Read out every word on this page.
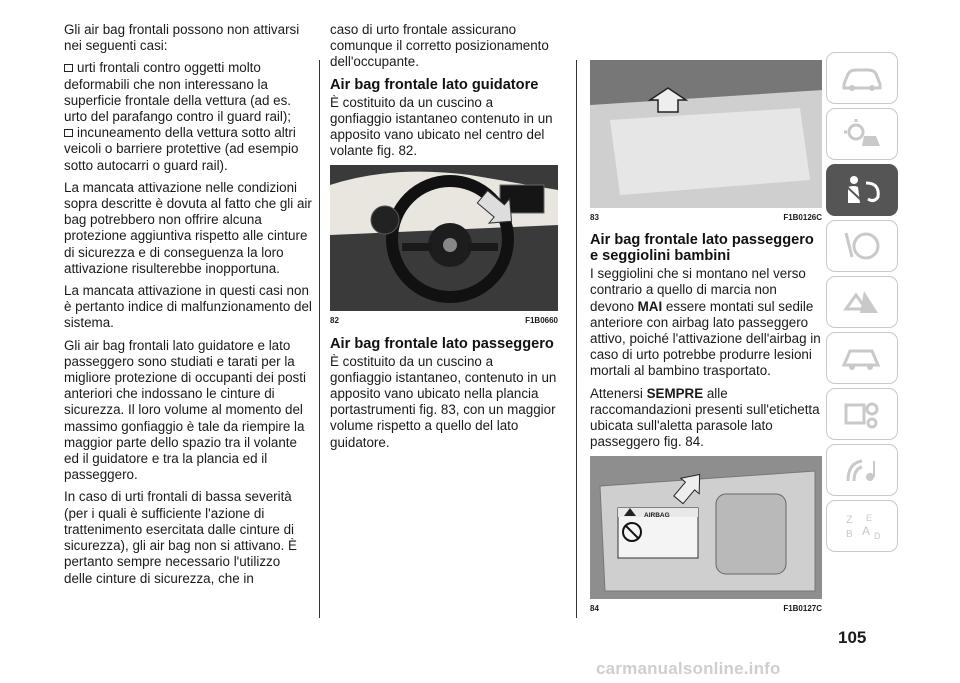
Gli air bag frontali possono non attivarsi nei seguenti casi:

urti frontali contro oggetti molto deformabili che non interessano la superficie frontale della vettura (ad es. urto del parafango contro il guard rail);

incuneamento della vettura sotto altri veicoli o barriere protettive (ad esempio sotto autocarri o guard rail).

La mancata attivazione nelle condizioni sopra descritte è dovuta al fatto che gli air bag potrebbero non offrire alcuna protezione aggiuntiva rispetto alle cinture di sicurezza e di conseguenza la loro attivazione risulterebbe inopportuna.

La mancata attivazione in questi casi non è pertanto indice di malfunzionamento del sistema.

Gli air bag frontali lato guidatore e lato passeggero sono studiati e tarati per la migliore protezione di occupanti dei posti anteriori che indossano le cinture di sicurezza. Il loro volume al momento del massimo gonfiaggio è tale da riempire la maggior parte dello spazio tra il volante ed il guidatore e tra la plancia ed il passeggero.

In caso di urti frontali di bassa severità (per i quali è sufficiente l'azione di trattenimento esercitata dalle cinture di sicurezza), gli air bag non si attivano. È pertanto sempre necessario l'utilizzo delle cinture di sicurezza, che in

caso di urto frontale assicurano comunque il corretto posizionamento dell'occupante.

Air bag frontale lato guidatore

È costituito da un cuscino a gonfiaggio istantaneo contenuto in un apposito vano ubicato nel centro del volante fig. 82.

82	F1B0660
Air bag frontale lato passeggero

È costituito da un cuscino a gonfiaggio istantaneo, contenuto in un apposito vano ubicato nella plancia portastrumenti fig. 83, con un maggior volume rispetto a quello del lato guidatore.

83	F1B0126C
Air bag frontale lato passeggero e seggiolini bambini

I seggiolini che si montano nel verso contrario a quello di marcia non devono MAI essere montati sul sedile anteriore con airbag lato passeggero attivo, poiché l'attivazione dell'airbag in caso di urto potrebbe produrre lesioni mortali al bambino trasportato.

Attenersi SEMPRE alle raccomandazioni presenti sull'etichetta ubicata sull'aletta parasole lato passeggero fig. 84.

AIRBAG
84	F1B0127C
Z E
B A D
105
carmanualsonline.info
